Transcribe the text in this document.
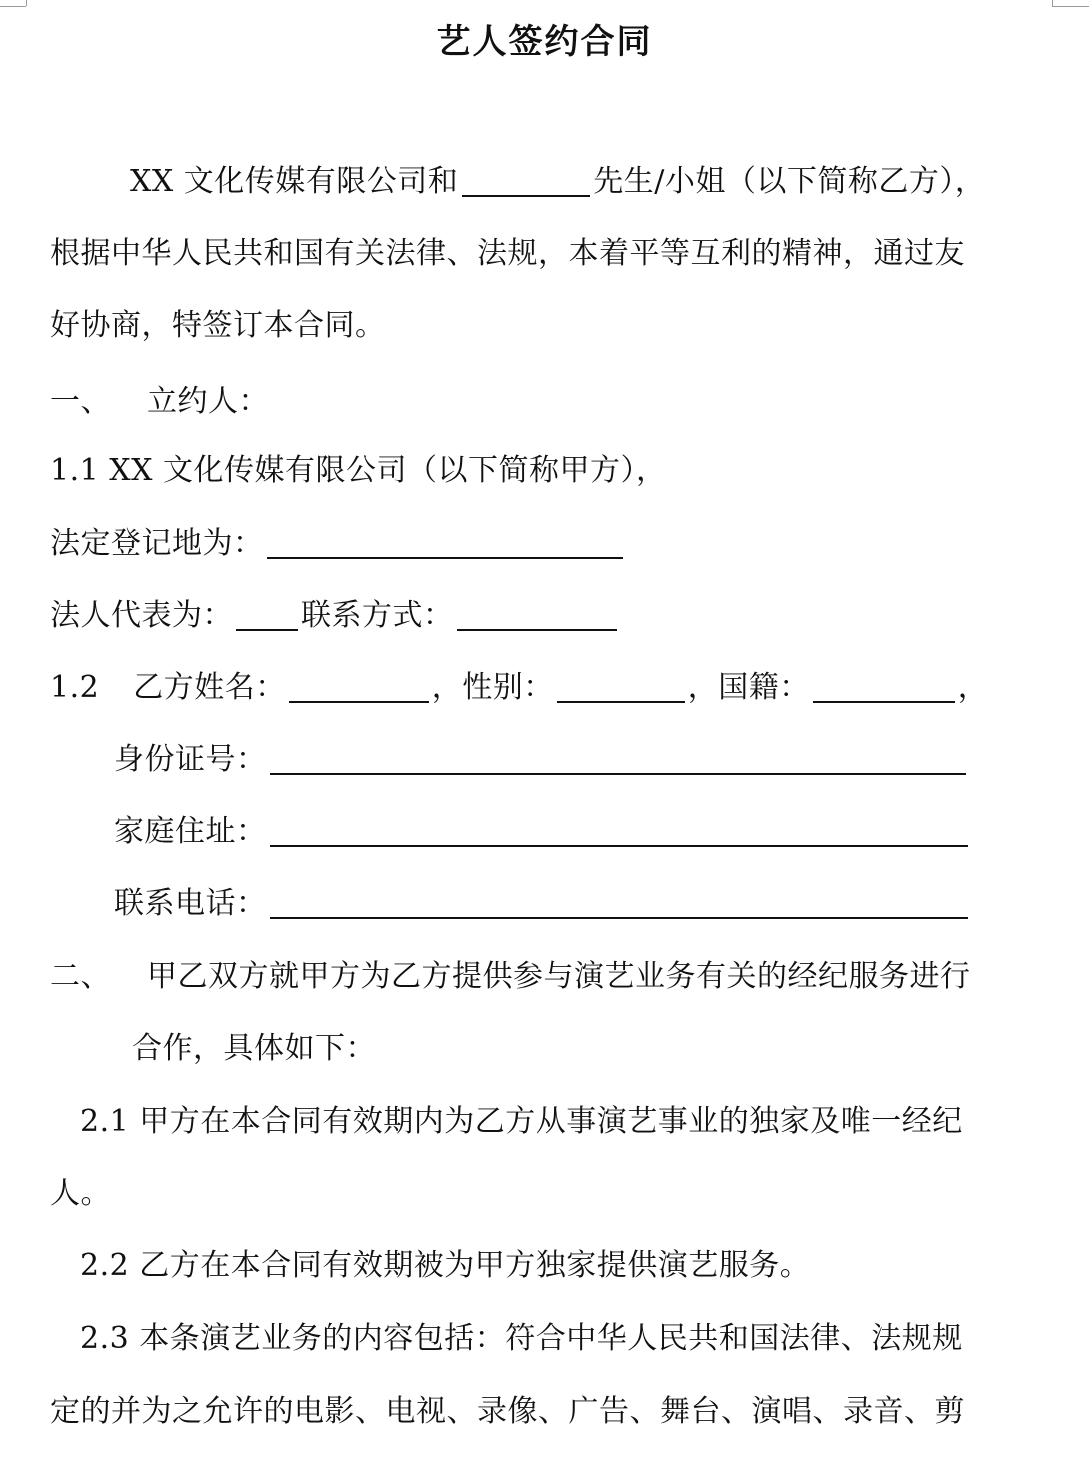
艺人签约合同
XX 文化传媒有限公司和	先生/小姐（以下简称乙方），
根据中华人民共和国有关法律、法规，本着平等互利的精神，通过友
好协商，特签订本合同。
一、 立约人：
1.1 XX 文化传媒有限公司（以下简称甲方），
法定登记地为：
法人代表为： 联系方式：
1.2 乙方姓名：	，性别：	，国籍：	，
身份证号：
家庭住址：
联系电话：
二、 甲乙双方就甲方为乙方提供参与演艺业务有关的经纪服务进行
合作，具体如下：
2.1 甲方在本合同有效期内为乙方从事演艺事业的独家及唯一经纪
人。
2.2 乙方在本合同有效期被为甲方独家提供演艺服务。
2.3 本条演艺业务的内容包括：符合中华人民共和国法律、法规规
定的并为之允许的电影、电视、录像、广告、舞台、演唱、录音、剪
